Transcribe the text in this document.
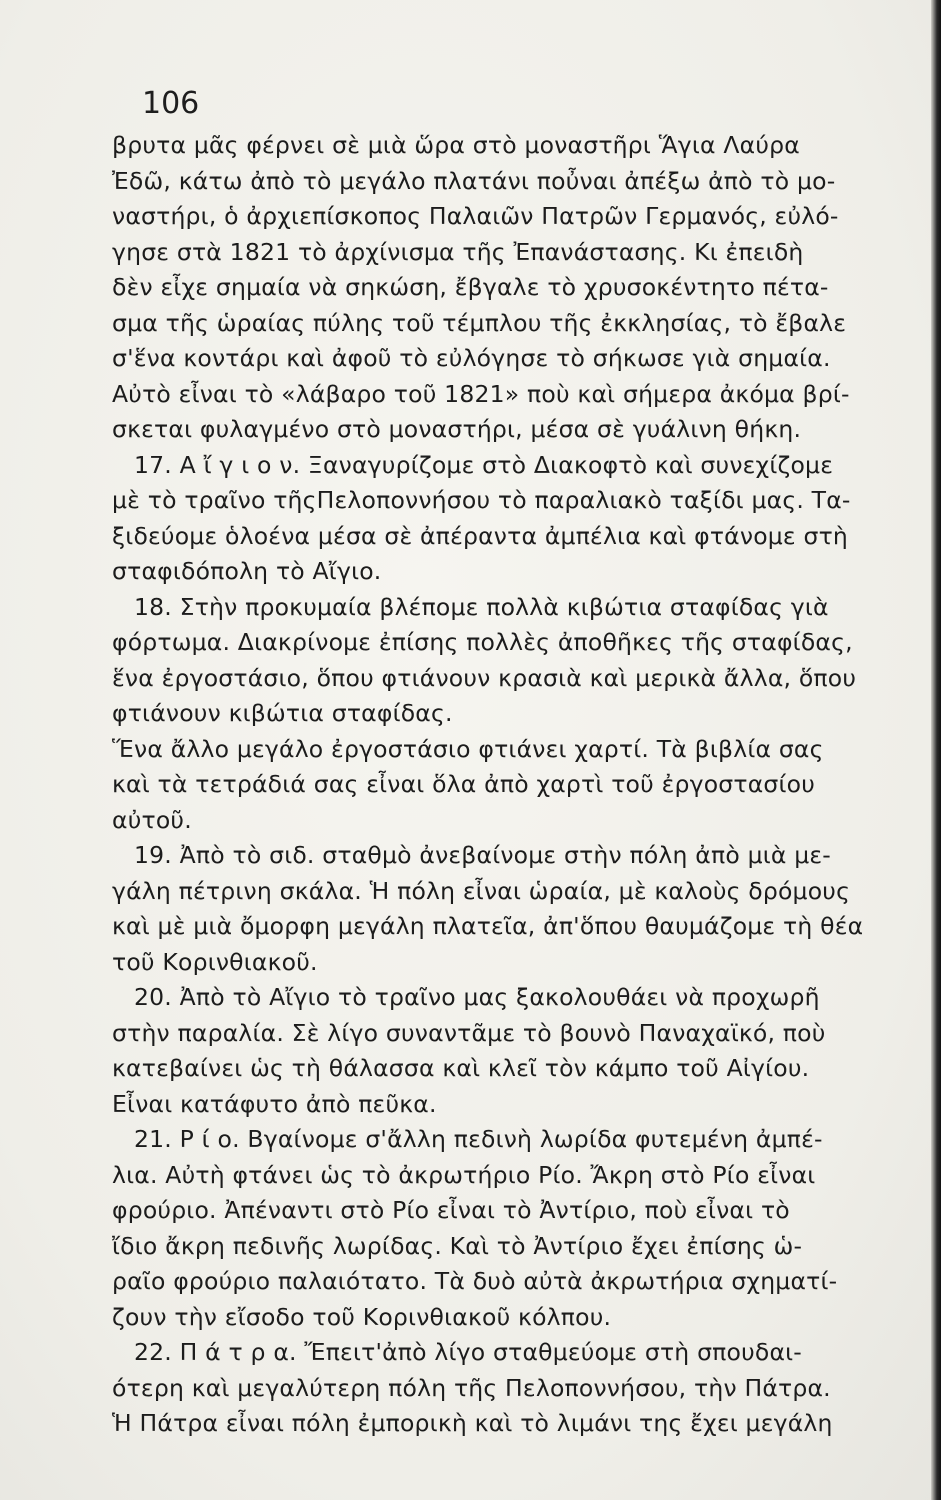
106
βρυτα μᾶς φέρνει σὲ μιὰ ὥρα στὸ μοναστῆρι Ἅγια Λαύρα
Ἐδῶ, κάτω ἀπὸ τὸ μεγάλο πλατάνι ποὖναι ἀπέξω ἀπὸ τὸ μο-
ναστήρι, ὁ ἀρχιεπίσκοπος Παλαιῶν Πατρῶν Γερμανός, εὐλό-
γησε στὰ 1821 τὸ ἀρχίνισμα τῆς Ἐπανάστασης. Κι ἐπειδὴ
δὲν εἶχε σημαία νὰ σηκώση, ἔβγαλε τὸ χρυσοκέντητο πέτα-
σμα τῆς ὡραίας πύλης τοῦ τέμπλου τῆς ἐκκλησίας, τὸ ἔβαλε
σ'ἕνα κοντάρι καὶ ἀφοῦ τὸ εὐλόγησε τὸ σήκωσε γιὰ σημαία.
Αὐτὸ εἶναι τὸ «λάβαρο τοῦ 1821» ποὺ καὶ σήμερα ἀκόμα βρί-
σκεται φυλαγμένο στὸ μοναστήρι, μέσα σὲ γυάλινη θήκη.
17. Α ἴ γ ι ο ν. Ξαναγυρίζομε στὸ Διακοφτὸ καὶ συνεχίζομε
μὲ τὸ τραῖνο τῆςΠελοποννήσου τὸ παραλιακὸ ταξίδι μας. Τα-
ξιδεύομε ὁλοένα μέσα σὲ ἀπέραντα ἀμπέλια καὶ φτάνομε στὴ
σταφιδόπολη τὸ Αἴγιο.
18. Στὴν προκυμαία βλέπομε πολλὰ κιβώτια σταφίδας γιὰ
φόρτωμα. Διακρίνομε ἐπίσης πολλὲς ἀποθῆκες τῆς σταφίδας,
ἕνα ἐργοστάσιο, ὅπου φτιάνουν κρασιὰ καὶ μερικὰ ἄλλα, ὅπου
φτιάνουν κιβώτια σταφίδας.
Ἕνα ἄλλο μεγάλο ἐργοστάσιο φτιάνει χαρτί. Τὰ βιβλία σας
καὶ τὰ τετράδιά σας εἶναι ὅλα ἀπὸ χαρτὶ τοῦ ἐργοστασίου
αὐτοῦ.
19. Ἀπὸ τὸ σιδ. σταθμὸ ἀνεβαίνομε στὴν πόλη ἀπὸ μιὰ με-
γάλη πέτρινη σκάλα. Ἡ πόλη εἶναι ὡραία, μὲ καλοὺς δρόμους
καὶ μὲ μιὰ ὄμορφη μεγάλη πλατεῖα, ἀπ'ὅπου θαυμάζομε τὴ θέα
τοῦ Κορινθιακοῦ.
20. Ἀπὸ τὸ Αἴγιο τὸ τραῖνο μας ξακολουθάει νὰ προχωρῆ
στὴν παραλία. Σὲ λίγο συναντᾶμε τὸ βουνὸ Παναχαϊκό, ποὺ
κατεβαίνει ὡς τὴ θάλασσα καὶ κλεῖ τὸν κάμπο τοῦ Αἰγίου.
Εἶναι κατάφυτο ἀπὸ πεῦκα.
21. Ρ ί ο. Βγαίνομε σ'ἄλλη πεδινὴ λωρίδα φυτεμένη ἀμπέ-
λια. Αὐτὴ φτάνει ὡς τὸ ἀκρωτήριο Ρίο. Ἄκρη στὸ Ρίο εἶναι
φρούριο. Ἀπέναντι στὸ Ρίο εἶναι τὸ Ἀντίριο, ποὺ εἶναι τὸ
ἴδιο ἄκρη πεδινῆς λωρίδας. Καὶ τὸ Ἀντίριο ἔχει ἐπίσης ὡ-
ραῖο φρούριο παλαιότατο. Τὰ δυὸ αὐτὰ ἀκρωτήρια σχηματί-
ζουν τὴν εἴσοδο τοῦ Κορινθιακοῦ κόλπου.
22. Π ά τ ρ α. Ἔπειτ'ἀπὸ λίγο σταθμεύομε στὴ σπουδαι-
ότερη καὶ μεγαλύτερη πόλη τῆς Πελοποννήσου, τὴν Πάτρα.
Ἡ Πάτρα εἶναι πόλη ἐμπορικὴ καὶ τὸ λιμάνι της ἔχει μεγάλη
